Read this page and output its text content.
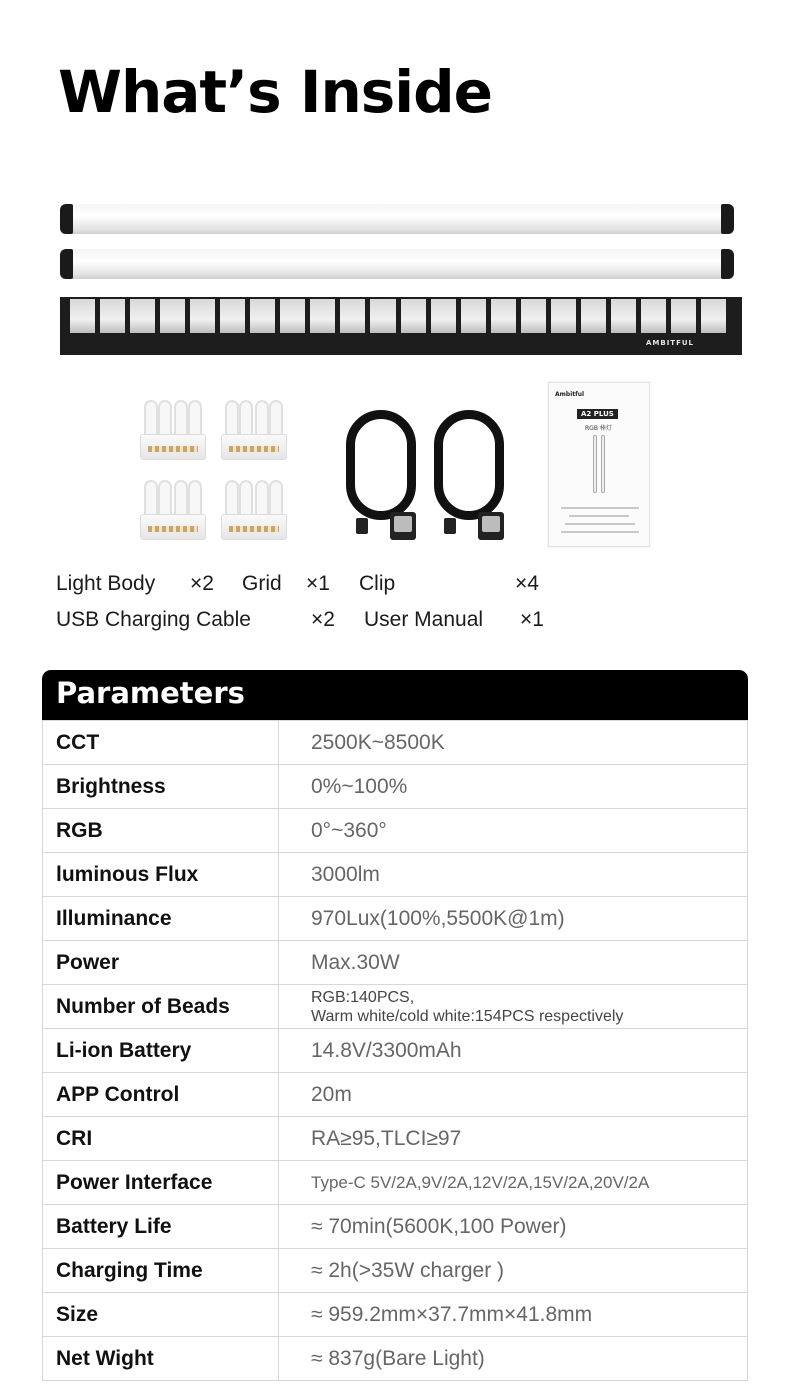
What’s Inside
AMBITFUL
Ambitful
A2 PLUS
RGB 棒灯
Light Body ×2 Grid ×1 Clip	×4
USB Charging Cable	×2 User Manual ×1
Parameters
CCT	2500K~8500K
Brightness	0%~100%
RGB	0°~360°
luminous Flux	3000lm
Illuminance	970Lux(100%,5500K@1m)
Power	Max.30W
Number of Beads	RGB:140PCS,
Warm white/cold white:154PCS respectively

Li-ion Battery	14.8V/3300mAh
APP Control	20m
CRI	RA≥95,TLCI≥97
Power Interface	Type-C 5V/2A,9V/2A,12V/2A,15V/2A,20V/2A
Battery Life	≈ 70min(5600K,100 Power)
Charging Time	≈ 2h(>35W charger )
Size	≈ 959.2mm×37.7mm×41.8mm
Net Wight	≈ 837g(Bare Light)
